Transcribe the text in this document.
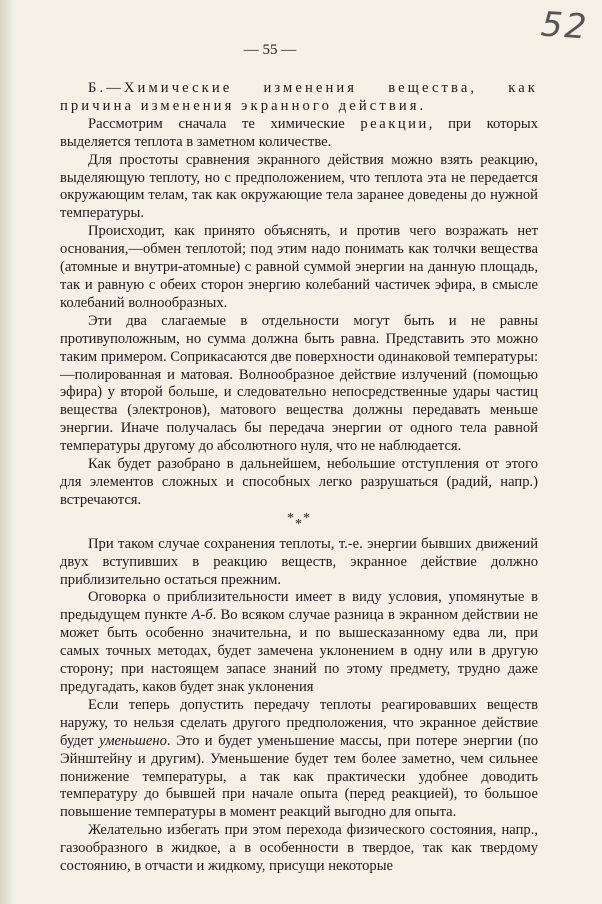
52
— 55 —

Б.—Химические изменения вещества, как причина изменения экранного действия.

Рассмотрим сначала те химические реакции, при которых выделяется теплота в заметном количестве.

Для простоты сравнения экранного действия можно взять реакцию, выделяющую теплоту, но с предположением, что теплота эта не передается окружающим телам, так как окружающие тела заранее доведены до нужной температуры.

Происходит, как принято объяснять, и против чего возражать нет основания,—обмен теплотой; под этим надо понимать как толчки вещества (атомные и внутри-атомные) с равной суммой энергии на данную площадь, так и равную с обеих сторон энергию колебаний частичек эфира, в смысле колебаний волнообразных.

Эти два слагаемые в отдельности могут быть и не равны противуположным, но сумма должна быть равна. Представить это можно таким примером. Соприкасаются две поверхности одинаковой температуры:—полированная и матовая. Волнообразное действие излучений (помощью эфира) у второй больше, и следовательно непосредственные удары частиц вещества (электронов), матового вещества должны передавать меньше энергии. Иначе получалась бы передача энергии от одного тела равной температуры другому до абсолютного нуля, что не наблюдается.

Как будет разобрано в дальнейшем, небольшие отступления от этого для элементов сложных и способных легко разрушаться (радий, напр.) встречаются.

***

При таком случае сохранения теплоты, т.-е. энергии бывших движений двух вступивших в реакцию веществ, экранное действие должно приблизительно остаться прежним.

Оговорка о приблизительности имеет в виду условия, упомянутые в предыдущем пункте А-б. Во всяком случае разница в экранном действии не может быть особенно значительна, и по вышесказанному едва ли, при самых точных методах, будет замечена уклонением в одну или в другую сторону; при настоящем запасе знаний по этому предмету, трудно даже предугадать, каков будет знак уклонения

Если теперь допустить передачу теплоты реагировавших веществ наружу, то нельзя сделать другого предположения, что экранное действие будет уменьшено. Это и будет уменьшение массы, при потере энергии (по Эйнштейну и другим). Уменьшение будет тем более заметно, чем сильнее понижение температуры, а так как практически удобнее доводить температуру до бывшей при начале опыта (перед реакцией), то большое повышение температуры в момент реакций выгодно для опыта.

Желательно избегать при этом перехода физического состояния, напр., газообразного в жидкое, а в особенности в твердое, так как твердому состоянию, в отчасти и жидкому, присущи некоторые
